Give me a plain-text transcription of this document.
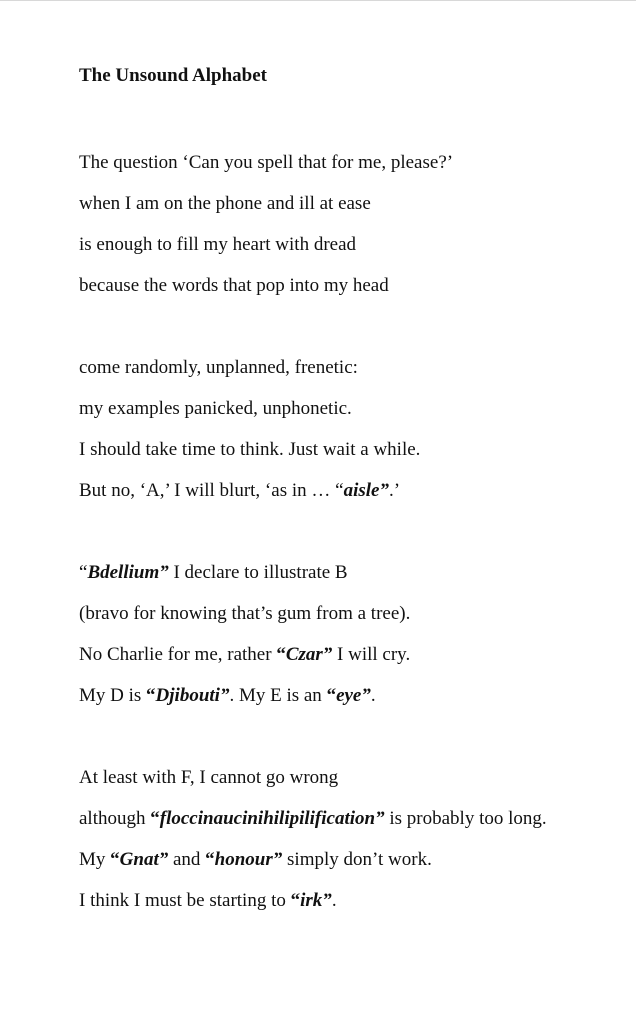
The Unsound Alphabet
The question ‘Can you spell that for me, please?’
when I am on the phone and ill at ease
is enough to fill my heart with dread
because the words that pop into my head
come randomly, unplanned, frenetic:
my examples panicked, unphonetic.
I should take time to think. Just wait a while.
But no, ‘A,’ I will blurt, ‘as in … “aisle”.’
“Bdellium” I declare to illustrate B
(bravo for knowing that’s gum from a tree).
No Charlie for me, rather “Czar” I will cry.
My D is “Djibouti”. My E is an “eye”.
At least with F, I cannot go wrong
although “floccinaucinihilipilification” is probably too long.
My “Gnat” and “honour” simply don’t work.
I think I must be starting to “irk”.
